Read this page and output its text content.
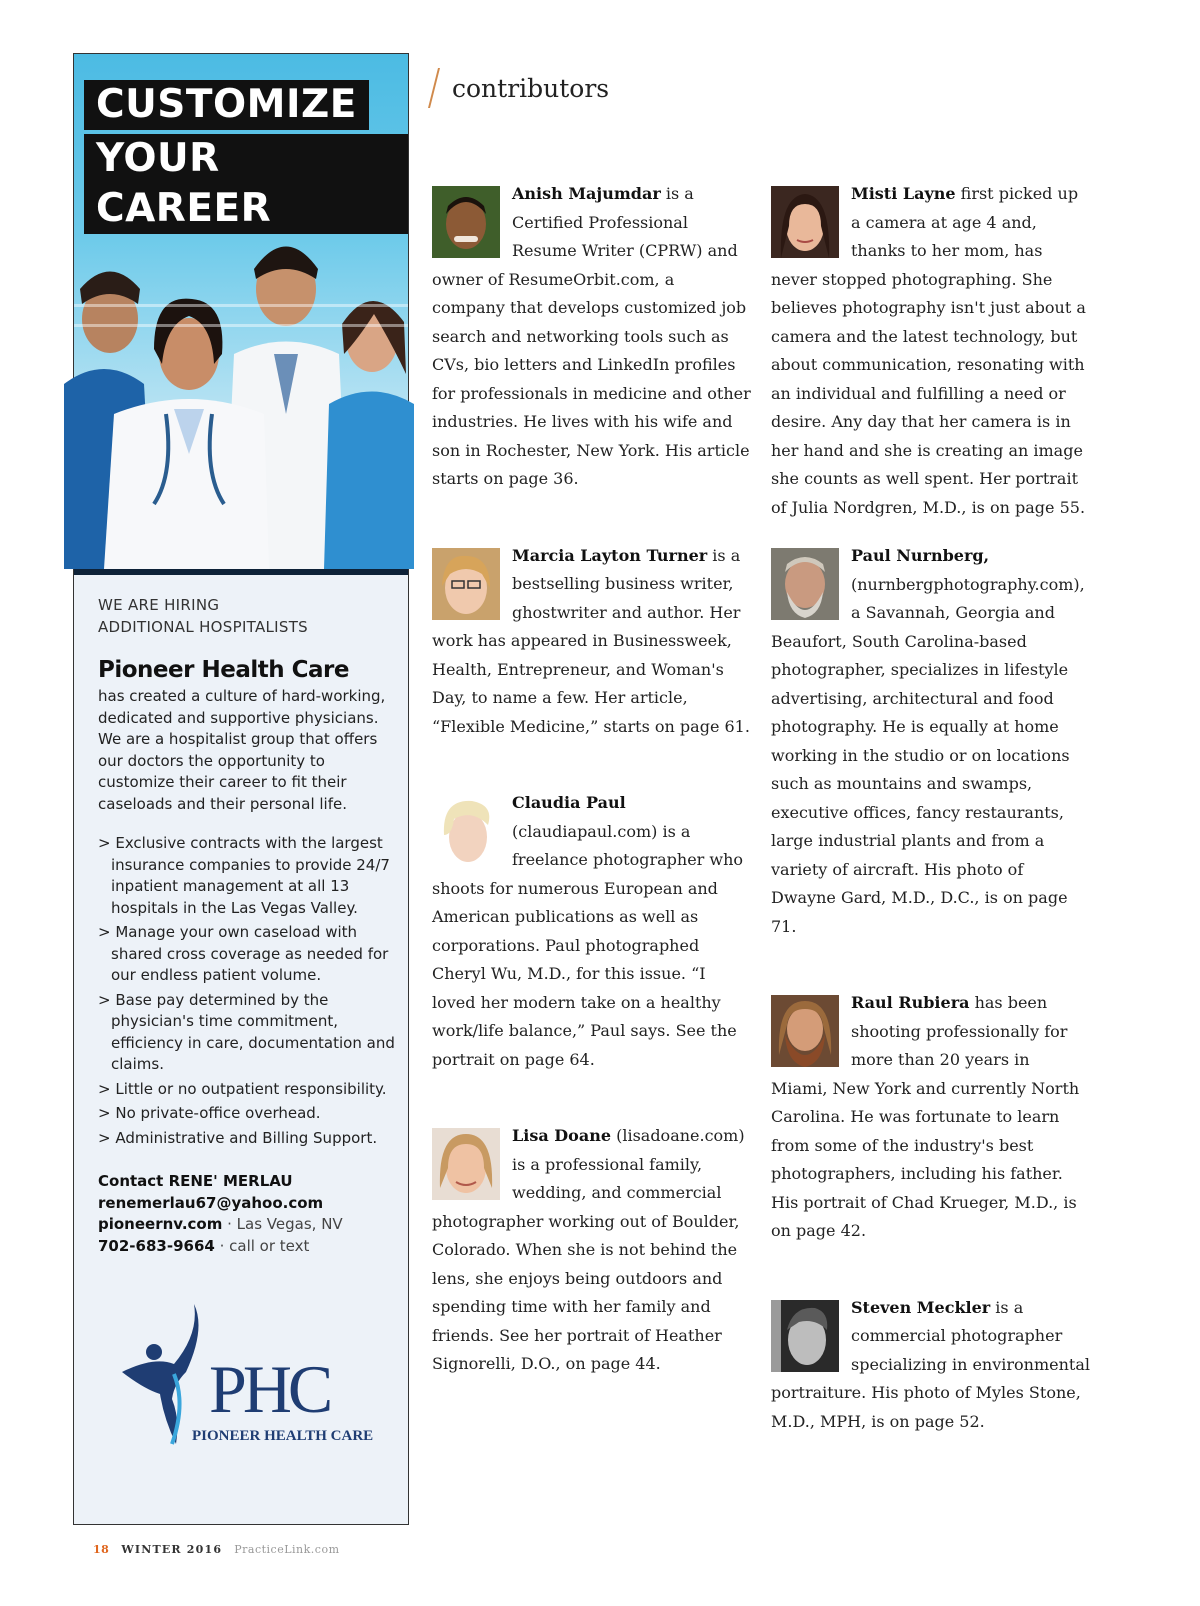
CUSTOMIZE
YOUR CAREER
WE ARE HIRING
ADDITIONAL HOSPITALISTS
Pioneer Health Care
has created a culture of hard-working, dedicated and supportive physicians. We are a hospitalist group that offers our doctors the opportunity to customize their career to fit their caseloads and their personal life.
> Exclusive contracts with the largest insurance companies to provide 24/7 inpatient management at all 13 hospitals in the Las Vegas Valley.
> Manage your own caseload with shared cross coverage as needed for our endless patient volume.
> Base pay determined by the physician's time commitment, efficiency in care, documentation and claims.
> Little or no outpatient responsibility.
> No private-office overhead.
> Administrative and Billing Support.
Contact RENE' MERLAU
renemerlau67@yahoo.com
pioneernv.com · Las Vegas, NV
702-683-9664 · call or text
PHC
PIONEER HEALTH CARE
contributors
Anish Majumdar is a Certified Professional Resume Writer (CPRW) and owner of ResumeOrbit.com, a company that develops customized job search and networking tools such as CVs, bio letters and LinkedIn profiles for professionals in medicine and other industries. He lives with his wife and son in Rochester, New York. His article starts on page 36.
Marcia Layton Turner is a bestselling business writer, ghostwriter and author. Her work has appeared in Businessweek, Health, Entrepreneur, and Woman's Day, to name a few. Her article, “Flexible Medicine,” starts on page 61.
Claudia Paul (claudiapaul.com) is a freelance photographer who shoots for numerous European and American publications as well as corporations. Paul photographed Cheryl Wu, M.D., for this issue. “I loved her modern take on a healthy work/life balance,” Paul says. See the portrait on page 64.
Lisa Doane (lisadoane.com) is a professional family, wedding, and commercial photographer working out of Boulder, Colorado. When she is not behind the lens, she enjoys being outdoors and spending time with her family and friends. See her portrait of Heather Signorelli, D.O., on page 44.
Misti Layne first picked up a camera at age 4 and, thanks to her mom, has never stopped photographing. She believes photography isn't just about a camera and the latest technology, but about communication, resonating with an individual and fulfilling a need or desire. Any day that her camera is in her hand and she is creating an image she counts as well spent. Her portrait of Julia Nordgren, M.D., is on page 55.
Paul Nurnberg, (nurnbergphotography.com), a Savannah, Georgia and Beaufort, South Carolina-based photographer, specializes in lifestyle advertising, architectural and food photography. He is equally at home working in the studio or on locations such as mountains and swamps, executive offices, fancy restaurants, large industrial plants and from a variety of aircraft. His photo of Dwayne Gard, M.D., D.C., is on page 71.
Raul Rubiera has been shooting professionally for more than 20 years in Miami, New York and currently North Carolina. He was fortunate to learn from some of the industry's best photographers, including his father. His portrait of Chad Krueger, M.D., is on page 42.
Steven Meckler is a commercial photographer specializing in environmental portraiture. His photo of Myles Stone, M.D., MPH, is on page 52.
18 WINTER 2016 PracticeLink.com
